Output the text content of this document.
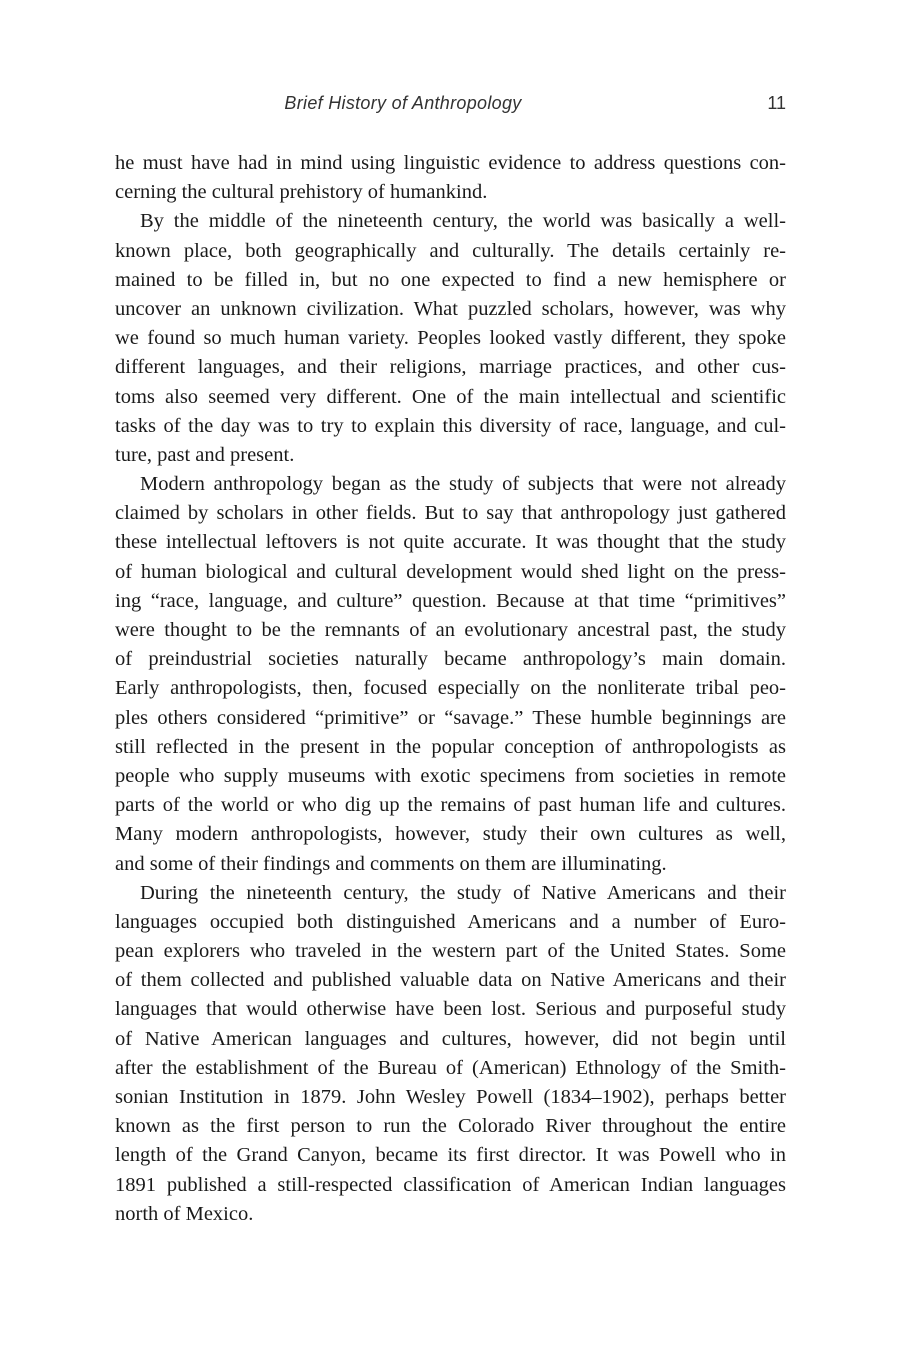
Brief History of Anthropology	11
he must have had in mind using linguistic evidence to address questions con-
cerning the cultural prehistory of humankind.
By the middle of the nineteenth century, the world was basically a well-
known place, both geographically and culturally. The details certainly re-
mained to be filled in, but no one expected to find a new hemisphere or
uncover an unknown civilization. What puzzled scholars, however, was why
we found so much human variety. Peoples looked vastly different, they spoke
different languages, and their religions, marriage practices, and other cus-
toms also seemed very different. One of the main intellectual and scientific
tasks of the day was to try to explain this diversity of race, language, and cul-
ture, past and present.
Modern anthropology began as the study of subjects that were not already
claimed by scholars in other fields. But to say that anthropology just gathered
these intellectual leftovers is not quite accurate. It was thought that the study
of human biological and cultural development would shed light on the press-
ing “race, language, and culture” question. Because at that time “primitives”
were thought to be the remnants of an evolutionary ancestral past, the study
of preindustrial societies naturally became anthropology’s main domain.
Early anthropologists, then, focused especially on the nonliterate tribal peo-
ples others considered “primitive” or “savage.” These humble beginnings are
still reflected in the present in the popular conception of anthropologists as
people who supply museums with exotic specimens from societies in remote
parts of the world or who dig up the remains of past human life and cultures.
Many modern anthropologists, however, study their own cultures as well,
and some of their findings and comments on them are illuminating.
During the nineteenth century, the study of Native Americans and their
languages occupied both distinguished Americans and a number of Euro-
pean explorers who traveled in the western part of the United States. Some
of them collected and published valuable data on Native Americans and their
languages that would otherwise have been lost. Serious and purposeful study
of Native American languages and cultures, however, did not begin until
after the establishment of the Bureau of (American) Ethnology of the Smith-
sonian Institution in 1879. John Wesley Powell (1834–1902), perhaps better
known as the first person to run the Colorado River throughout the entire
length of the Grand Canyon, became its first director. It was Powell who in
1891 published a still-respected classification of American Indian languages
north of Mexico.
